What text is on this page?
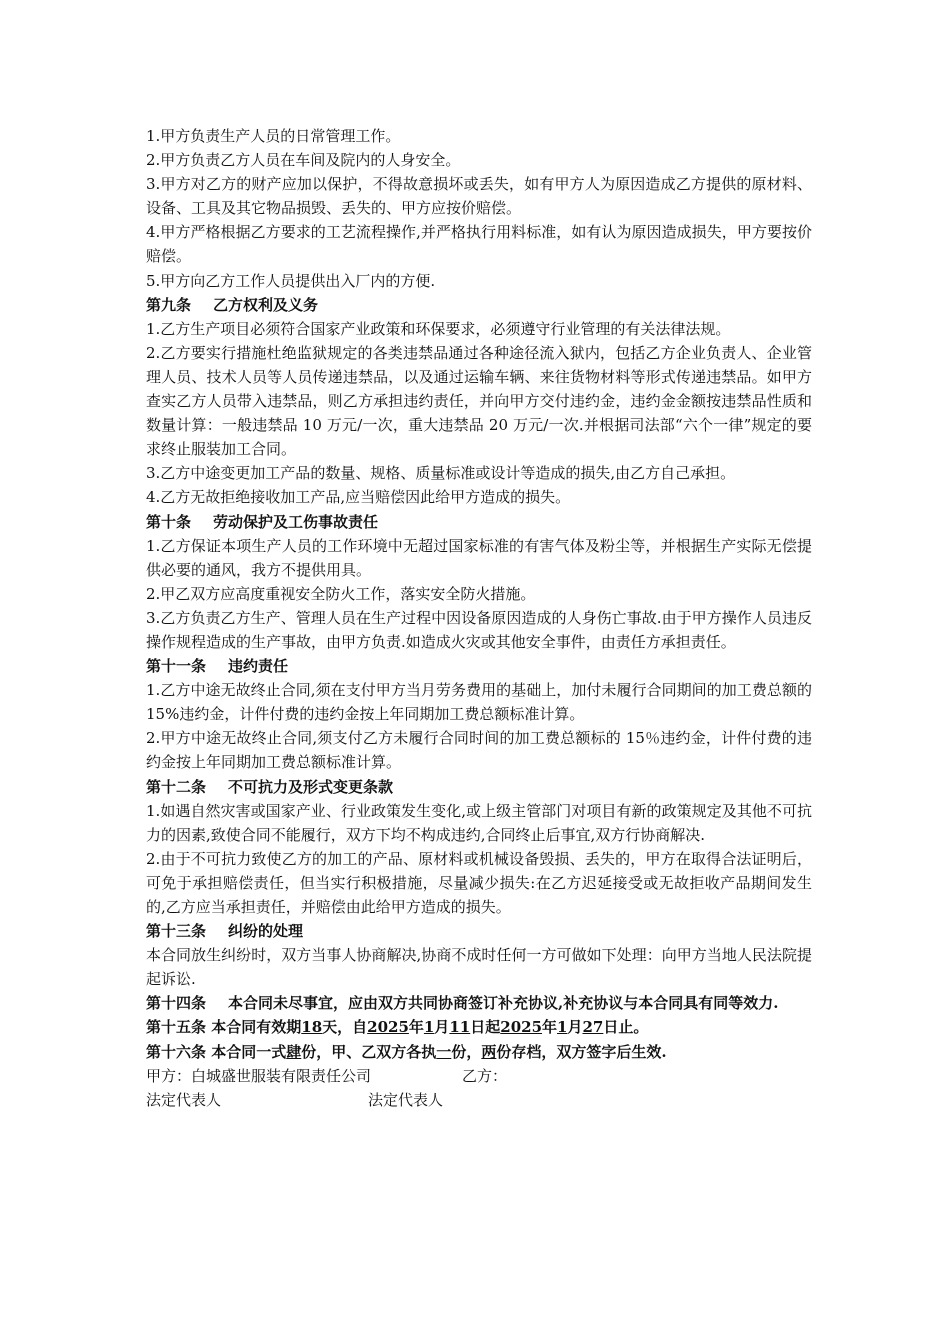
1.甲方负责生产人员的日常管理工作。

2.甲方负责乙方人员在车间及院内的人身安全。

3.甲方对乙方的财产应加以保护，不得故意损坏或丢失，如有甲方人为原因造成乙方提供的原材料、设备、工具及其它物品损毁、丢失的、甲方应按价赔偿。

4.甲方严格根据乙方要求的工艺流程操作,并严格执行用料标准，如有认为原因造成损失，甲方要按价赔偿。

5.甲方向乙方工作人员提供出入厂内的方便.

第九条 乙方权利及义务

1.乙方生产项目必须符合国家产业政策和环保要求，必须遵守行业管理的有关法律法规。

2.乙方要实行措施杜绝监狱规定的各类违禁品通过各种途径流入狱内，包括乙方企业负责人、企业管理人员、技术人员等人员传递违禁品，以及通过运输车辆、来往货物材料等形式传递违禁品。如甲方查实乙方人员带入违禁品，则乙方承担违约责任，并向甲方交付违约金，违约金金额按违禁品性质和数量计算：一般违禁品 10 万元/一次，重大违禁品 20 万元/一次.并根据司法部“六个一律”规定的要求终止服装加工合同。

3.乙方中途变更加工产品的数量、规格、质量标准或设计等造成的损失,由乙方自己承担。

4.乙方无故拒绝接收加工产品,应当赔偿因此给甲方造成的损失。

第十条 劳动保护及工伤事故责任

1.乙方保证本项生产人员的工作环境中无超过国家标准的有害气体及粉尘等，并根据生产实际无偿提供必要的通风，我方不提供用具。

2.甲乙双方应高度重视安全防火工作，落实安全防火措施。

3.乙方负责乙方生产、管理人员在生产过程中因设备原因造成的人身伤亡事故.由于甲方操作人员违反操作规程造成的生产事故，由甲方负责.如造成火灾或其他安全事件，由责任方承担责任。

第十一条 违约责任

1.乙方中途无故终止合同,须在支付甲方当月劳务费用的基础上，加付未履行合同期间的加工费总额的 15%违约金，计件付费的违约金按上年同期加工费总额标准计算。

2.甲方中途无故终止合同,须支付乙方未履行合同时间的加工费总额标的 15％违约金，计件付费的违约金按上年同期加工费总额标准计算。

第十二条 不可抗力及形式变更条款

1.如遇自然灾害或国家产业、行业政策发生变化,或上级主管部门对项目有新的政策规定及其他不可抗力的因素,致使合同不能履行，双方下均不构成违约,合同终止后事宜,双方行协商解决.

2.由于不可抗力致使乙方的加工的产品、原材料或机械设备毁损、丢失的，甲方在取得合法证明后，可免于承担赔偿责任，但当实行积极措施，尽量减少损失:在乙方迟延接受或无故拒收产品期间发生的,乙方应当承担责任，并赔偿由此给甲方造成的损失。

第十三条 纠纷的处理

本合同放生纠纷时，双方当事人协商解决,协商不成时任何一方可做如下处理：向甲方当地人民法院提起诉讼.

第十四条 本合同未尽事宜，应由双方共同协商签订补充协议,补充协议与本合同具有同等效力.

第十五条 本合同有效期18天，自2025年1月11日起2025年1月27日止。

第十六条 本合同一式肆份，甲、乙双方各执一份，两份存档，双方签字后生效.

甲方：白城盛世服装有限责任公司	乙方：
法定代表人	法定代表人
